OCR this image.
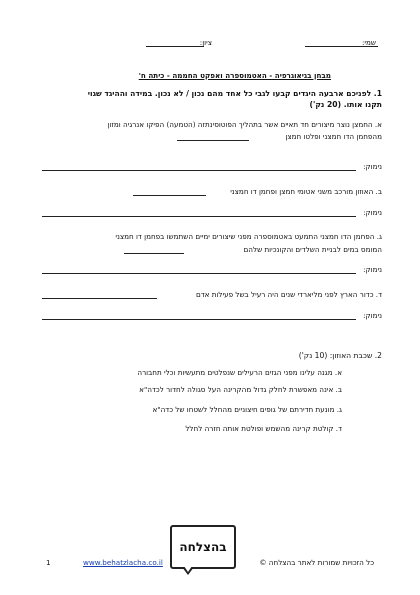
שמי:
ציון:
מבחן בגיאוגרפיה - האטמוספרה ואפקט החממה - כיתה ח'
1. לפניכם ארבעה היגדים קבעו לגבי כל אחד מהם נכון / לא נכון. במידה וההיגד שגוי
תקנו אותו. (20 נק')
א. החמצן נוצר מיצורים חד תאיים אשר בתהליך הפוטוסינתזה (הטמעה) הפיקו אנרגיה ומזון
מהפחמן הדו חמצני ופלטו חמצן
נימוק:
ב. האוזון מורכב משני אטומי חמצן ופחמן דו חמצני
נימוק:
ג. הפחמן הדו חמצני התמעט באטמוספרה מפני שיצורים ימיים השתמשו בפחמן דו חמצני
המומס במים לבניית השלדים והקונכיות שלהם
נימוק:
ד. כדור הארץ לפני מליארדי שנים היה רעיל בשל פעילות אדם
נימוק:
2. שכבת האוזון: (10 נק')
א. מגנה עלינו מפני הגזים הרעילים שנפלטים מתעשיות וכלי תחבורה
ב. אינה מאפשרת לחלק גדול מהקרינה העל סגולה לחדור לכדה"א
ג. מונעת חדירתם של גופים חיצוניים מהחלל לשטחו של כדה"א
ד. קולטת קרינה מהשמש ופולטת אותה חזרה לחלל
בהצלחה
כל הזכויות שמורות לאתר בהצלחה ©
www.behatzlacha.co.il
1
